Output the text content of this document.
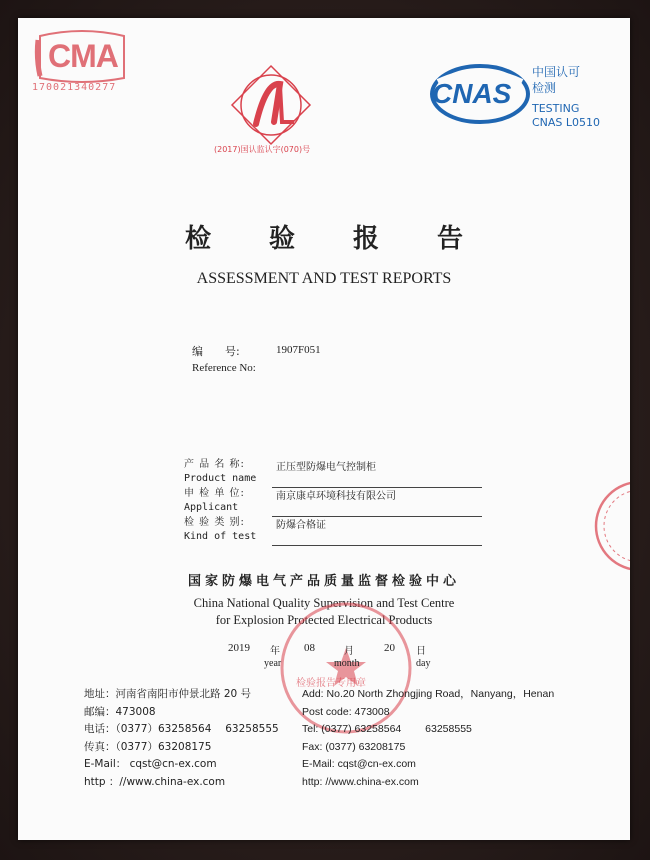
CMA
170021340277
(2017)国认监认字(070)号
CNAS
中国认可
检测
TESTING
CNAS L0510
检验报告
ASSESSMENT AND TEST REPORTS
编　　号:
Reference No:
1907F051
产 品 名 称:
Product name
正压型防爆电气控制柜
申 检 单 位:
Applicant
南京康卓环境科技有限公司
检 验 类 别:
Kind of test
防爆合格证
国家防爆电气产品质量监督检验中心
China National Quality Supervision and Test Centre
for Explosion Protected Electrical Products
2019 年
year
08	月
month
20 日
day
检验报告专用章
地址：河南省南阳市仲景北路 20 号
邮编：473008
电话：（0377）63258564　 63258555
传真：（0377）63208175
E-Mail： cqst@cn-ex.com
http ：//www.china-ex.com
Add: No.20 North Zhongjing Road，Nanyang，Henan
Post code: 473008
Tel: (0377) 63258564　　 63258555
Fax: (0377) 63208175
E-Mail: cqst@cn-ex.com
http: //www.china-ex.com
